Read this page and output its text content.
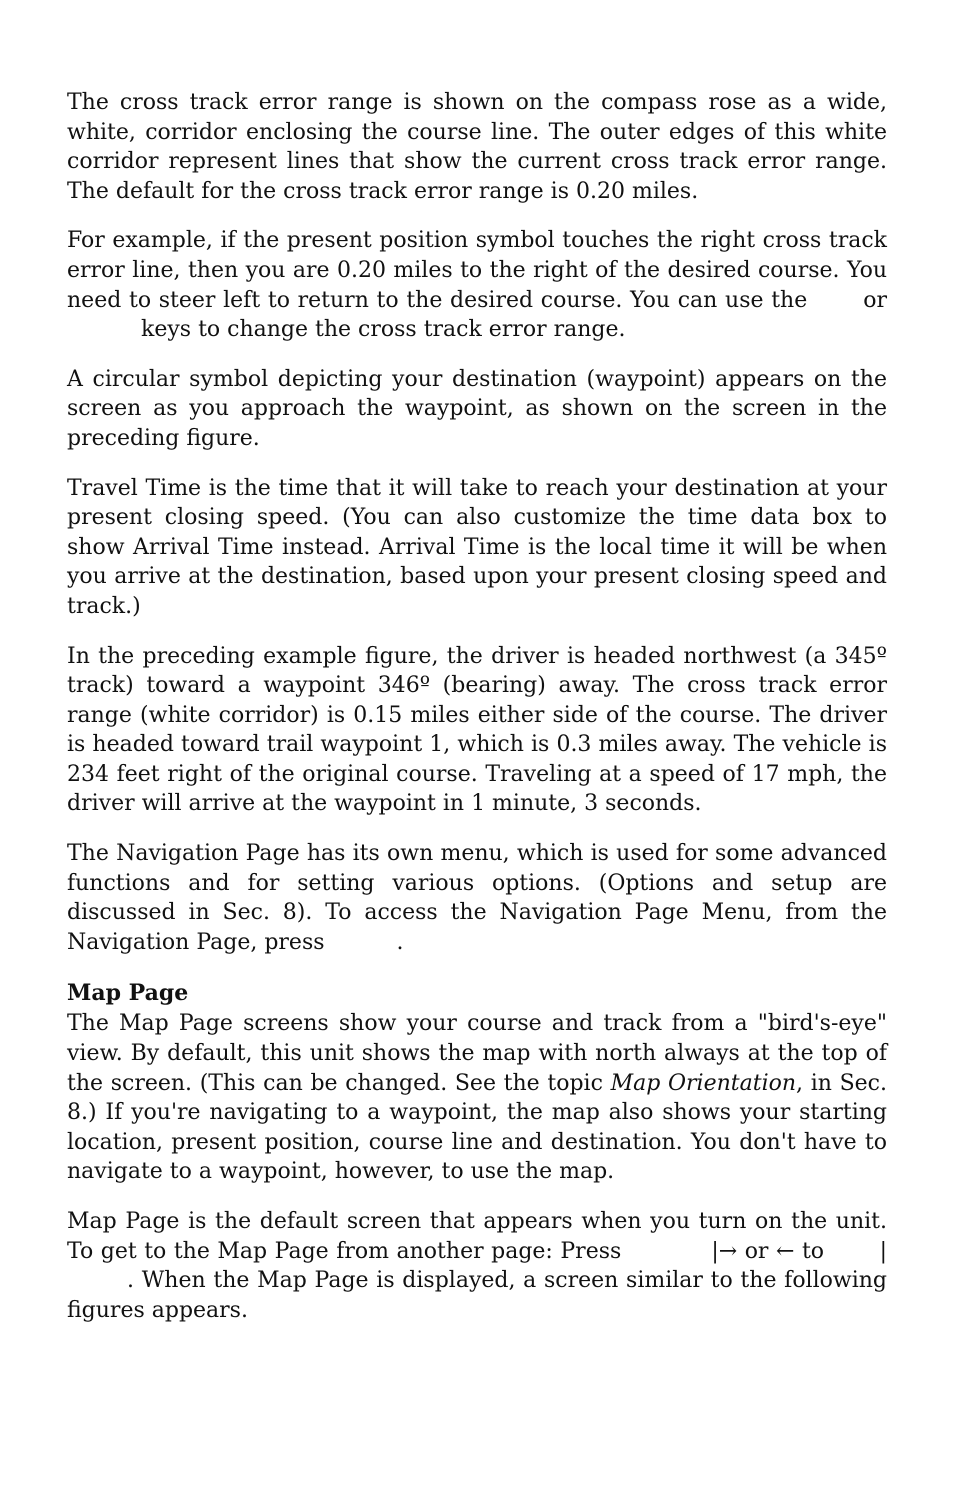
The cross track error range is shown on the compass rose as a wide, white, corridor enclosing the course line. The outer edges of this white corridor represent lines that show the current cross track error range. The default for the cross track error range is 0.20 miles.

For example, if the present position symbol touches the right cross track error line, then you are 0.20 miles to the right of the desired course. You need to steer left to return to the desired course. You can use the	orkeys to change the cross track error range.

A circular symbol depicting your destination (waypoint) appears on the screen as you approach the waypoint, as shown on the screen in the preceding figure.

Travel Time is the time that it will take to reach your destination at your present closing speed. (You can also customize the time data box to show Arrival Time instead. Arrival Time is the local time it will be when you arrive at the destination, based upon your present closing speed and track.)

In the preceding example figure, the driver is headed northwest (a 345º track) toward a waypoint 346º (bearing) away. The cross track error range (white corridor) is 0.15 miles either side of the course. The driver is headed toward trail waypoint 1, which is 0.3 miles away. The vehicle is 234 feet right of the original course. Traveling at a speed of 17 mph, the driver will arrive at the waypoint in 1 minute, 3 seconds.

The Navigation Page has its own menu, which is used for some advanced functions and for setting various options. (Options and setup are discussed in Sec. 8). To access the Navigation Page Menu, from the Navigation Page, press	.

Map Page

The Map Page screens show your course and track from a "bird's-eye" view. By default, this unit shows the map with north always at the top of the screen. (This can be changed. See the topic Map Orientation, in Sec. 8.) If you're navigating to a waypoint, the map also shows your starting location, present position, course line and destination. You don't have to navigate to a waypoint, however, to use the map.

Map Page is the default screen that appears when you turn on the unit. To get to the Map Page from another page: Press	|→ or ← to	|. When the Map Page is displayed, a screen similar to the following figures appears.
